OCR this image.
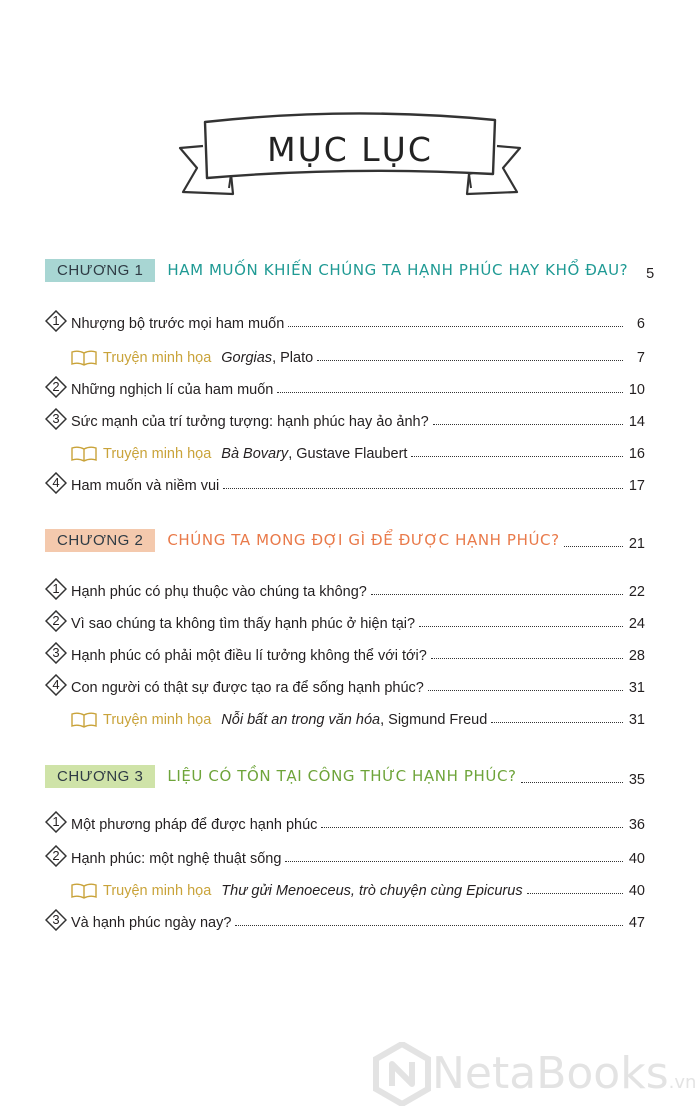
MỤC LỤC
CHƯƠNG 1	HAM MUỐN KHIẾN CHÚNG TA HẠNH PHÚC HAY KHỔ ĐAU?	5
1 Nhượng bộ trước mọi ham muốn	6
Truyện minh họa Gorgias , Plato	7
2 Những nghịch lí của ham muốn	10
3 Sức mạnh của trí tưởng tượng: hạnh phúc hay ảo ảnh?	14
Truyện minh họa Bà Bovary , Gustave Flaubert	16
4 Ham muốn và niềm vui	17
CHƯƠNG 2	CHÚNG TA MONG ĐỢI GÌ ĐỂ ĐƯỢC HẠNH PHÚC?	21
1 Hạnh phúc có phụ thuộc vào chúng ta không?	22
2 Vì sao chúng ta không tìm thấy hạnh phúc ở hiện tại?	24
3 Hạnh phúc có phải một điều lí tưởng không thể với tới?	28
4 Con người có thật sự được tạo ra để sống hạnh phúc?	31
Truyện minh họa Nỗi bất an trong văn hóa , Sigmund Freud	31
CHƯƠNG 3	LIỆU CÓ TỒN TẠI CÔNG THỨC HẠNH PHÚC?	35
1 Một phương pháp để được hạnh phúc	36
2 Hạnh phúc: một nghệ thuật sống	40
Truyện minh họa Thư gửi Menoeceus, trò chuyện cùng Epicurus	40
3 Và hạnh phúc ngày nay?	47
NetaBooks.vn
